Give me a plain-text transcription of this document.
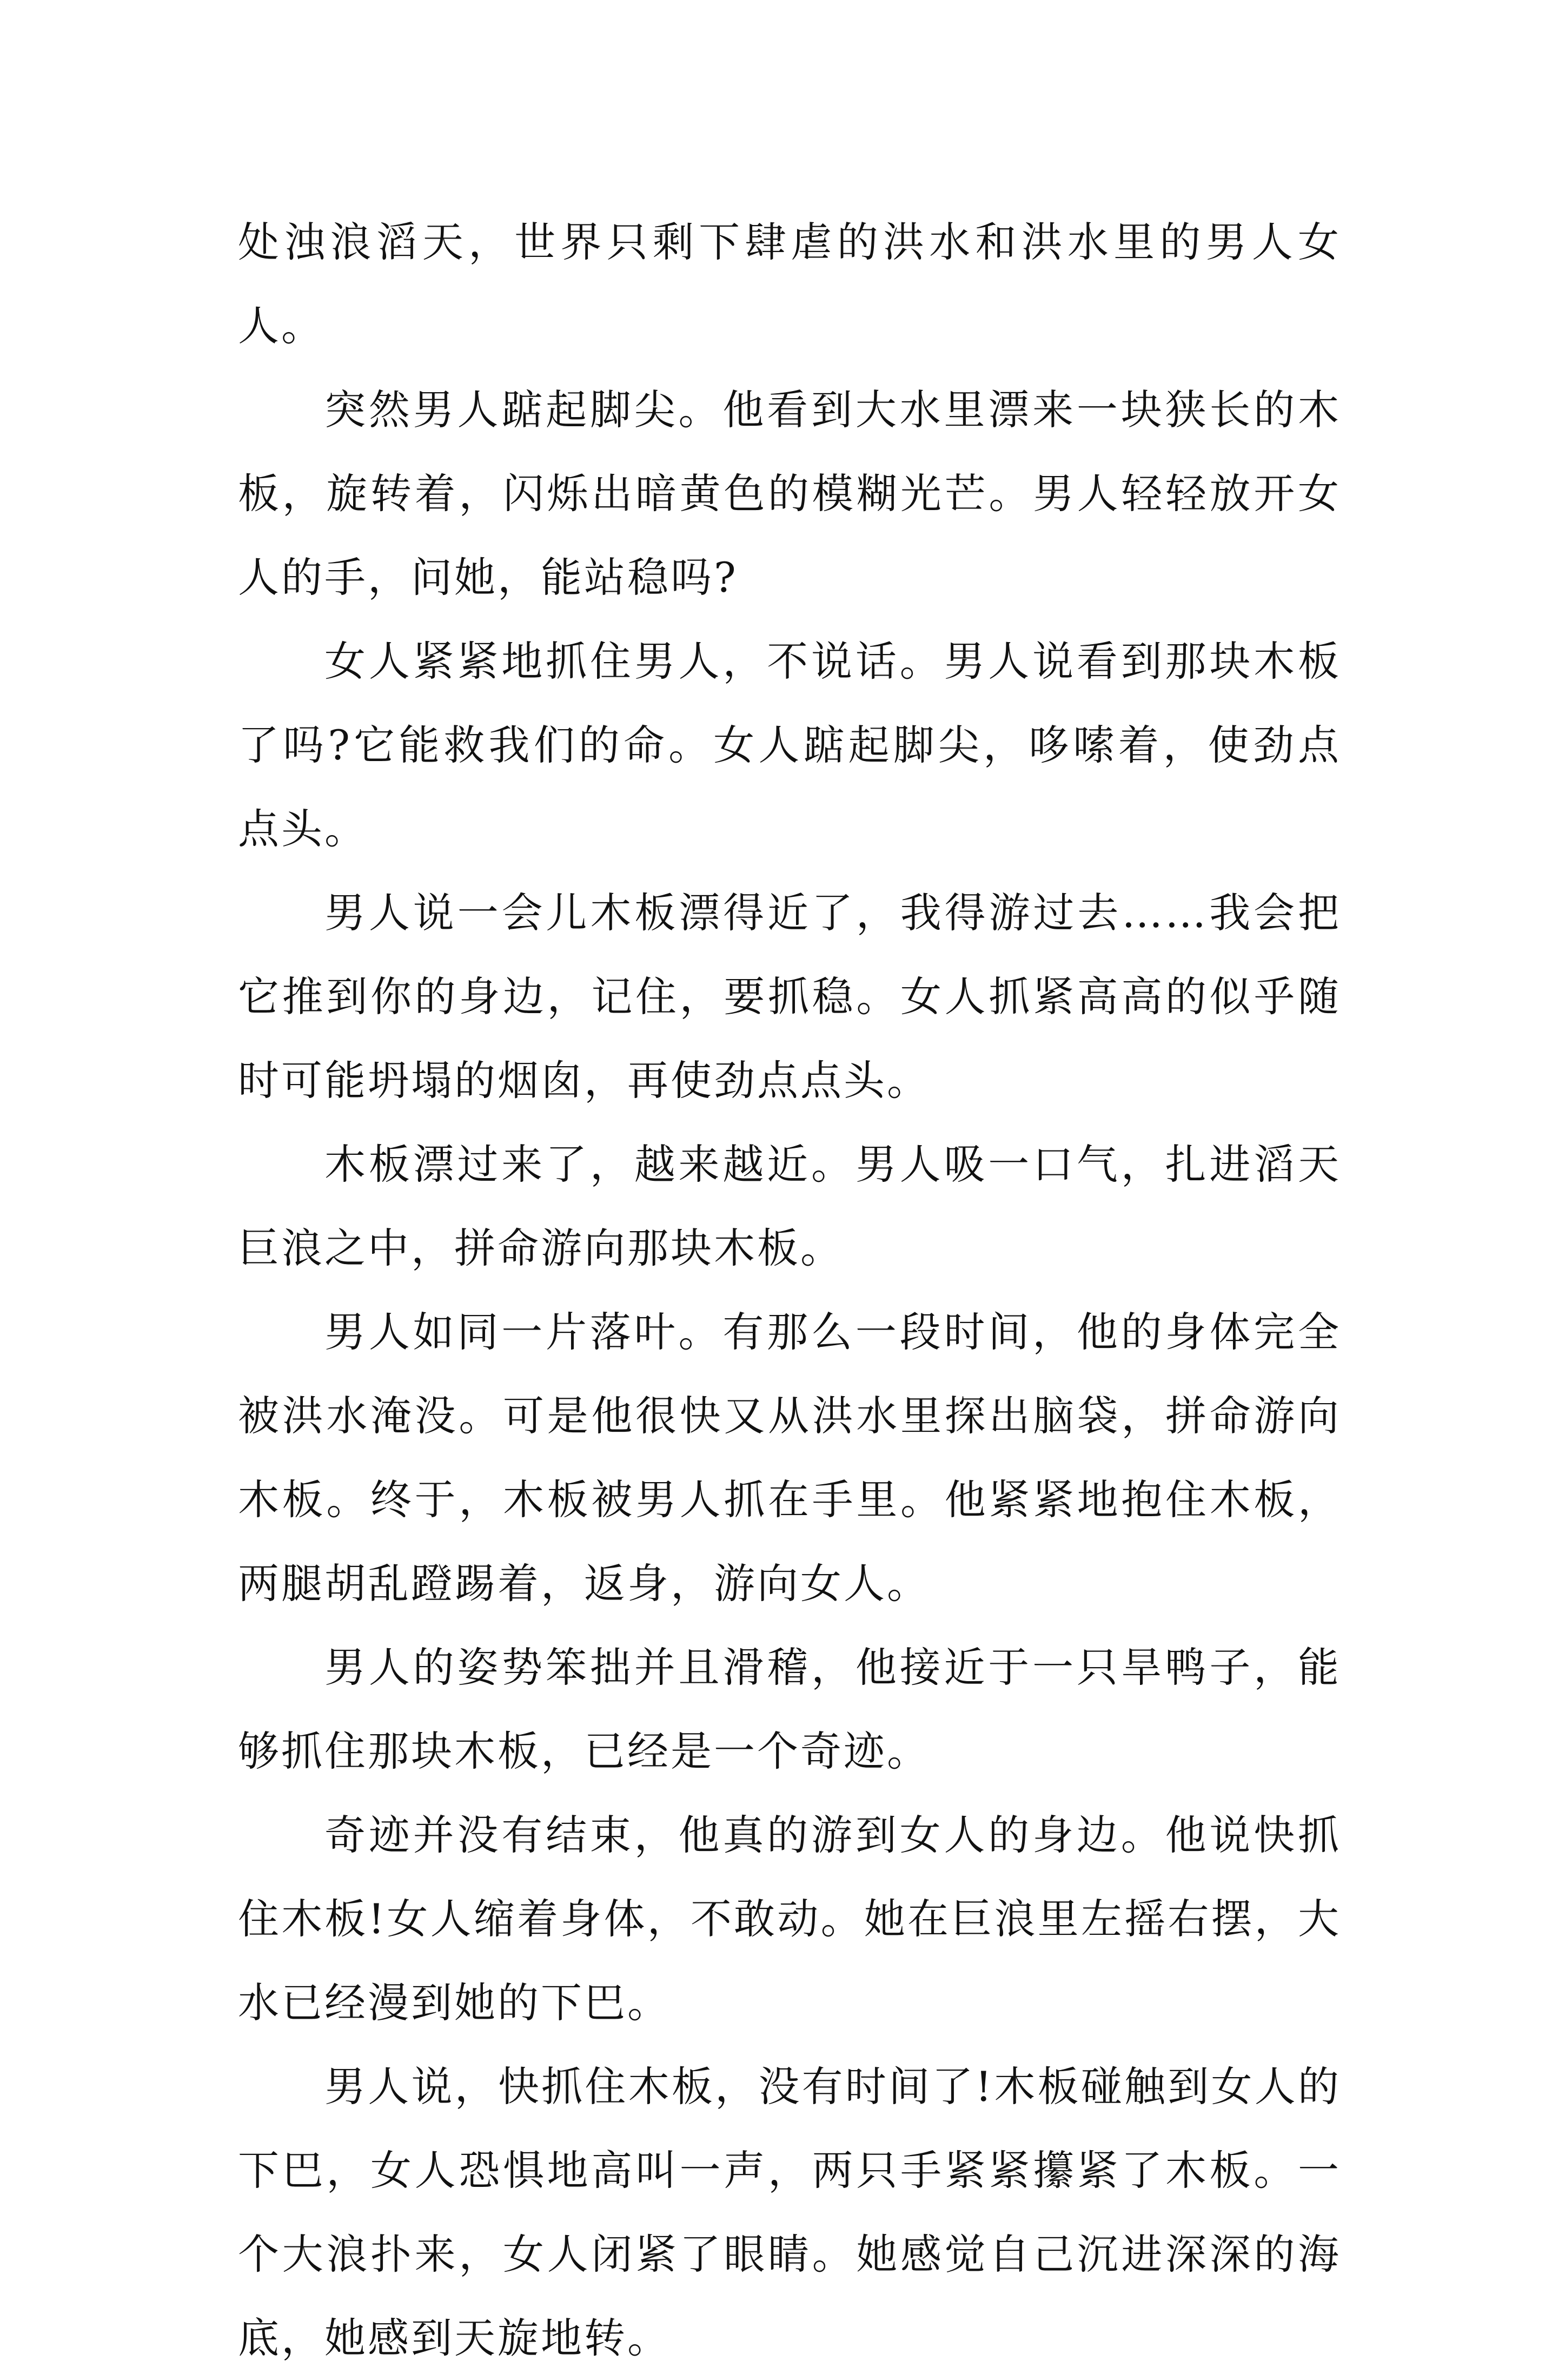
处浊浪滔天，世界只剩下肆虐的洪水和洪水里的男人女人。

突然男人踮起脚尖。他看到大水里漂来一块狭长的木板，旋转着，闪烁出暗黄色的模糊光芒。男人轻轻放开女人的手，问她，能站稳吗?

女人紧紧地抓住男人，不说话。男人说看到那块木板了吗?它能救我们的命。女人踮起脚尖，哆嗦着，使劲点点头。

男人说一会儿木板漂得近了，我得游过去……我会把它推到你的身边，记住，要抓稳。女人抓紧高高的似乎随时可能坍塌的烟囱，再使劲点点头。

木板漂过来了，越来越近。男人吸一口气，扎进滔天巨浪之中，拼命游向那块木板。

男人如同一片落叶。有那么一段时间，他的身体完全被洪水淹没。可是他很快又从洪水里探出脑袋，拼命游向木板。终于，木板被男人抓在手里。他紧紧地抱住木板，两腿胡乱蹬踢着，返身，游向女人。

男人的姿势笨拙并且滑稽，他接近于一只旱鸭子，能够抓住那块木板，已经是一个奇迹。

奇迹并没有结束，他真的游到女人的身边。他说快抓住木板!女人缩着身体，不敢动。她在巨浪里左摇右摆，大水已经漫到她的下巴。

男人说，快抓住木板，没有时间了!木板碰触到女人的下巴，女人恐惧地高叫一声，两只手紧紧攥紧了木板。一个大浪扑来，女人闭紧了眼睛。她感觉自己沉进深深的海底，她感到天旋地转。
